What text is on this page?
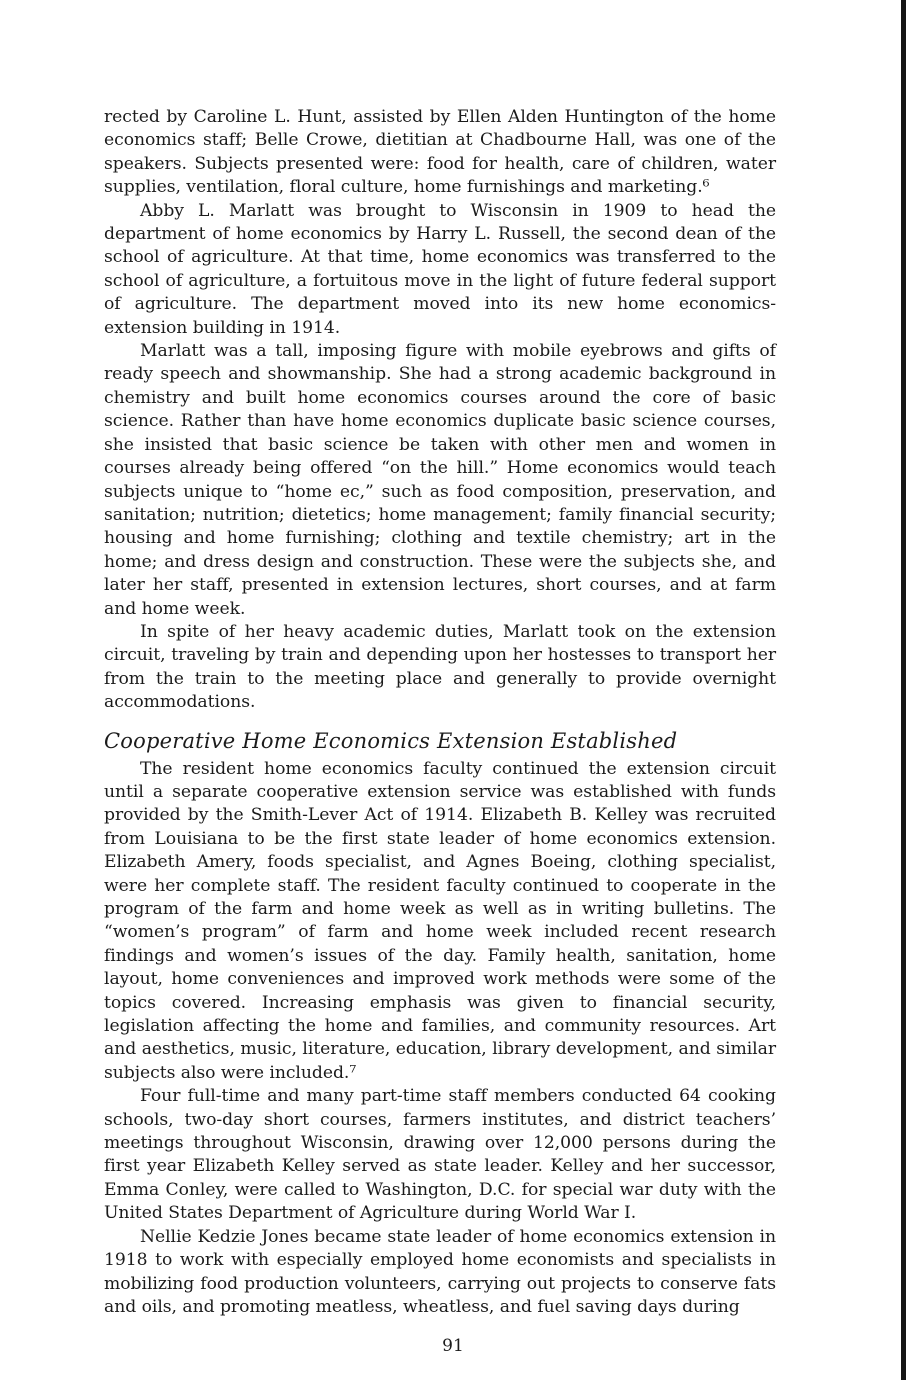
rected by Caroline L. Hunt, assisted by Ellen Alden Huntington of the home economics staff; Belle Crowe, dietitian at Chadbourne Hall, was one of the speakers. Subjects presented were: food for health, care of children, water supplies, ventilation, floral culture, home furnishings and marketing.⁶

Abby L. Marlatt was brought to Wisconsin in 1909 to head the department of home economics by Harry L. Russell, the second dean of the school of agriculture. At that time, home economics was transferred to the school of agriculture, a fortuitous move in the light of future federal support of agriculture. The department moved into its new home economics-extension building in 1914.

Marlatt was a tall, imposing figure with mobile eyebrows and gifts of ready speech and showmanship. She had a strong academic background in chemistry and built home economics courses around the core of basic science. Rather than have home economics duplicate basic science courses, she insisted that basic science be taken with other men and women in courses already being offered “on the hill.” Home economics would teach subjects unique to “home ec,” such as food composition, preservation, and sanitation; nutrition; dietetics; home management; family financial security; housing and home furnishing; clothing and textile chemistry; art in the home; and dress design and construction. These were the subjects she, and later her staff, presented in extension lectures, short courses, and at farm and home week.

In spite of her heavy academic duties, Marlatt took on the extension circuit, traveling by train and depending upon her hostesses to transport her from the train to the meeting place and generally to provide overnight accommodations.

Cooperative Home Economics Extension Established

The resident home economics faculty continued the extension circuit until a separate cooperative extension service was established with funds provided by the Smith-Lever Act of 1914. Elizabeth B. Kelley was recruited from Louisiana to be the first state leader of home economics extension. Elizabeth Amery, foods specialist, and Agnes Boeing, clothing specialist, were her complete staff. The resident faculty continued to cooperate in the program of the farm and home week as well as in writing bulletins. The “women’s program” of farm and home week included recent research findings and women’s issues of the day. Family health, sanitation, home layout, home conveniences and improved work methods were some of the topics covered. Increasing emphasis was given to financial security, legislation affecting the home and families, and community resources. Art and aesthetics, music, literature, education, library development, and similar subjects also were included.⁷

Four full-time and many part-time staff members conducted 64 cooking schools, two-day short courses, farmers institutes, and district teachers’ meetings throughout Wisconsin, drawing over 12,000 persons during the first year Elizabeth Kelley served as state leader. Kelley and her successor, Emma Conley, were called to Washington, D.C. for special war duty with the United States Department of Agriculture during World War I.

Nellie Kedzie Jones became state leader of home economics extension in 1918 to work with especially employed home economists and specialists in mobilizing food production volunteers, carrying out projects to conserve fats and oils, and promoting meatless, wheatless, and fuel saving days during

91
